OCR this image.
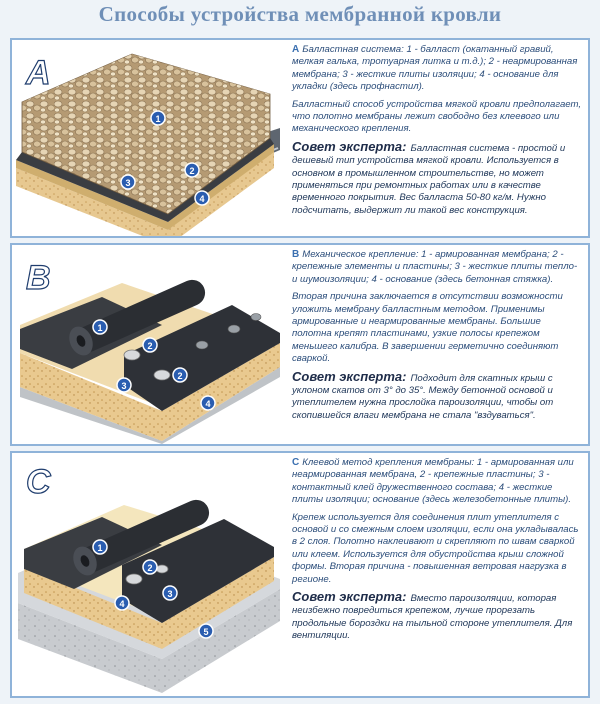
Способы устройства мембранной кровли
A
1
2
3
4

A Балластная система: 1 - балласт (окатанный гравий, мелкая галька, тротуарная литка и т.д.); 2 - неармированная мембрана; 3 - жесткие плиты изоляции; 4 - основание для укладки (здесь профнастил).

Балластный способ устройства мягкой кровли предполагает, что полотно мембраны лежит свободно без клеевого или механического крепления.

Совет эксперта: Балластная система - простой и дешевый тип устройства мягкой кровли. Используется в основном в промышленном строительстве, но может применяться при ремонтных работах или в качестве временного покрытия. Вес балласта 50-80 кг/м. Нужно подсчитать, выдержит ли такой вес конструкция.

B
1
2
2
3
4

B Механическое крепление: 1 - армированная мембрана; 2 - крепежные элементы и пластины; 3 - жесткие плиты тепло- и шумоизоляции; 4 - основание (здесь бетонная стяжка).

Вторая причина заключается в отсутствии возможности уложить мембрану балластным методом. Применимы армированные и неармированные мембраны. Большие полотна крепят пластинами, узкие полосы крепежом меньшего калибра. В завершении герметично соединяют сваркой.

Совет эксперта: Подходит для скатных крыш с уклоном скатов от 3° до 35°. Между бетонной основой и утеплителем нужна прослойка пароизоляции, чтобы от скопившейся влаги мембрана не стала "вздуваться".

C
1
2
3
4
5

C Клеевой метод крепления мембраны: 1 - армированная или неармированная мембрана, 2 - крепежные пластины; 3 - контактный клей дружественного состава; 4 - жесткие плиты изоляции; основание (здесь железобетонные плиты).

Крепеж используется для соединения плит утеплителя с основой и со смежным слоем изоляции, если она укладывалась в 2 слоя. Полотно наклеивают и скрепляют по швам сваркой или клеем. Используется для обустройства крыш сложной формы. Вторая причина - повышенная ветровая нагрузка в регионе.

Совет эксперта: Вместо пароизоляции, которая неизбежно повредиться крепежом, лучше прорезать продольные бороздки на тыльной стороне утеплителя. Для вентиляции.
